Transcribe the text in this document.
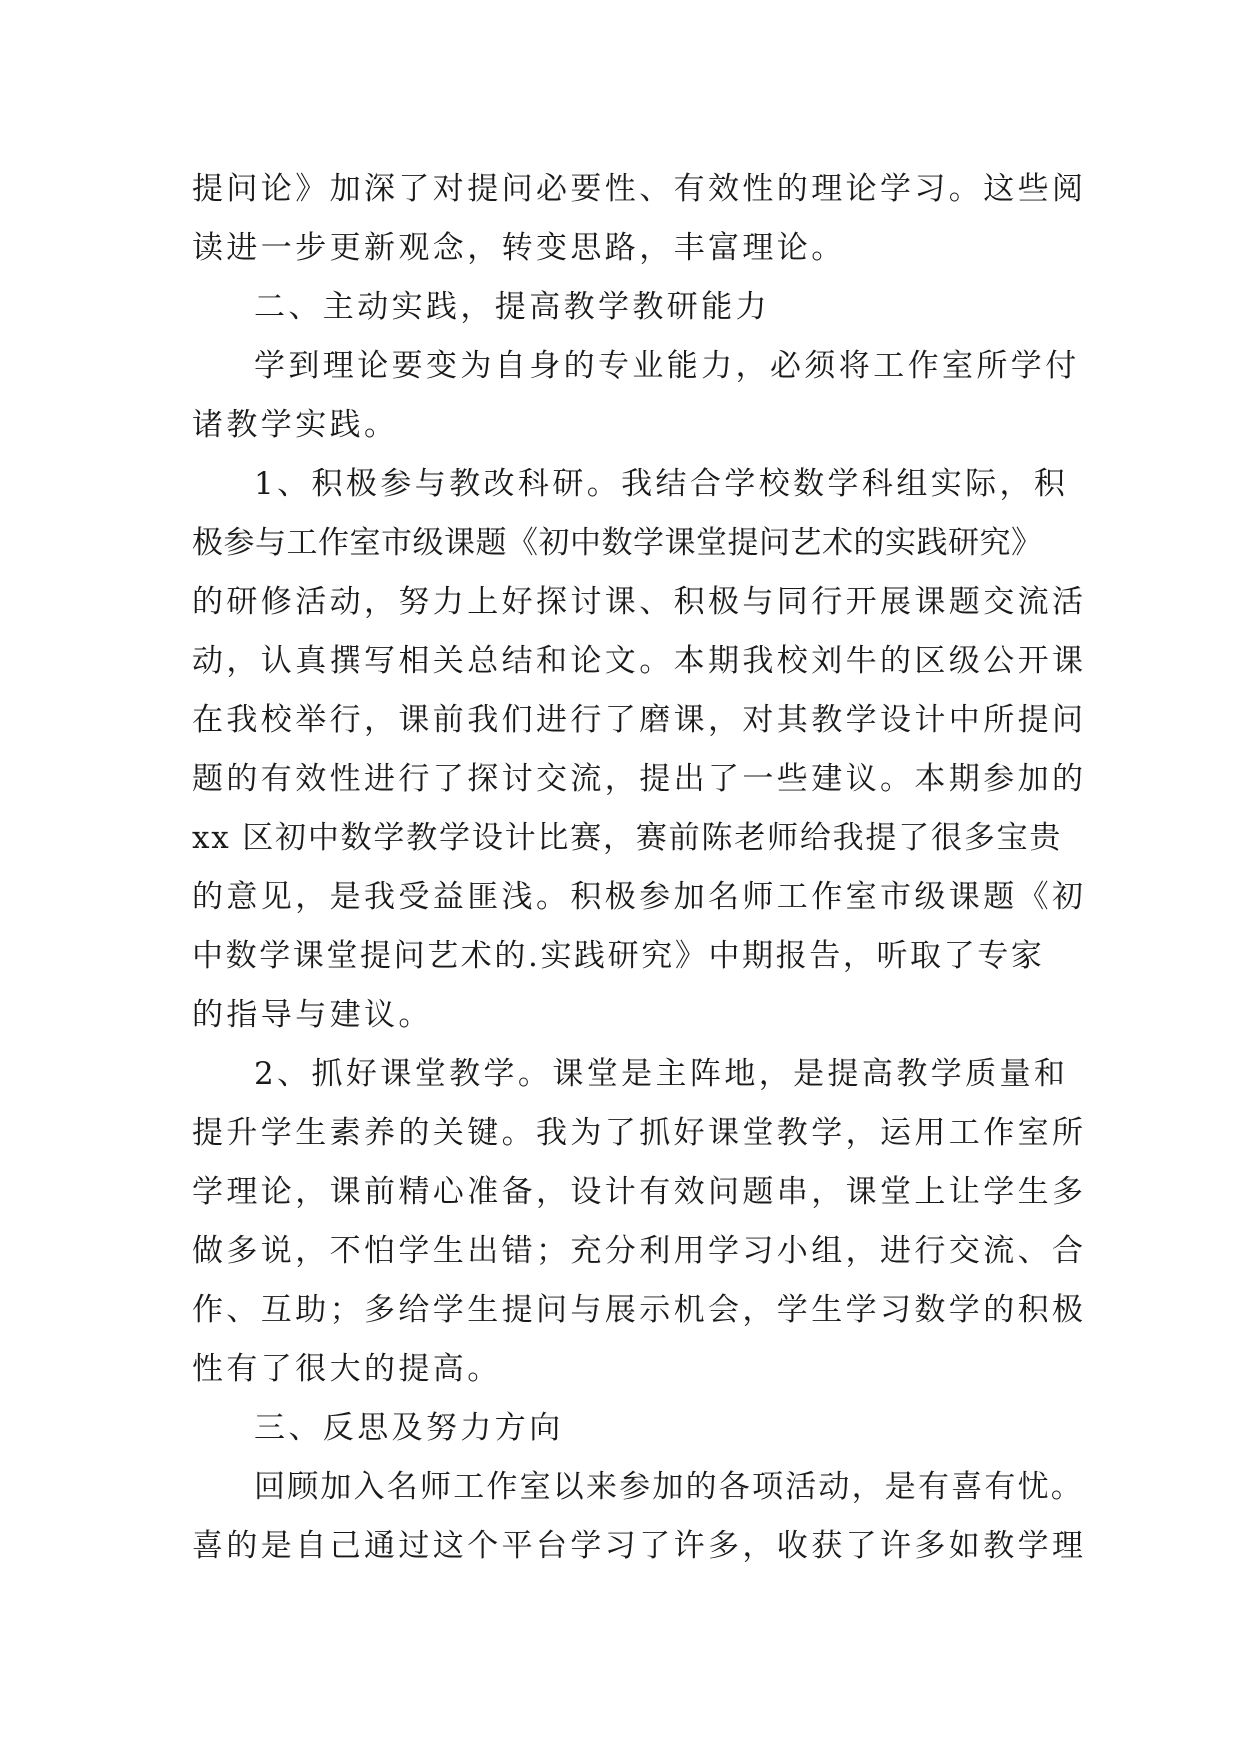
提问论》加深了对提问必要性、有效性的理论学习。这些阅
读进一步更新观念，转变思路，丰富理论。
二、主动实践，提高教学教研能力
学到理论要变为自身的专业能力，必须将工作室所学付
诸教学实践。
1、积极参与教改科研。我结合学校数学科组实际，积
极参与工作室市级课题《初中数学课堂提问艺术的实践研究》
的研修活动，努力上好探讨课、积极与同行开展课题交流活
动，认真撰写相关总结和论文。本期我校刘牛的区级公开课
在我校举行，课前我们进行了磨课，对其教学设计中所提问
题的有效性进行了探讨交流，提出了一些建议。本期参加的
xx 区初中数学教学设计比赛，赛前陈老师给我提了很多宝贵
的意见，是我受益匪浅。积极参加名师工作室市级课题《初
中数学课堂提问艺术的.实践研究》中期报告，听取了专家
的指导与建议。
2、抓好课堂教学。课堂是主阵地，是提高教学质量和
提升学生素养的关键。我为了抓好课堂教学，运用工作室所
学理论，课前精心准备，设计有效问题串，课堂上让学生多
做多说，不怕学生出错；充分利用学习小组，进行交流、合
作、互助；多给学生提问与展示机会，学生学习数学的积极
性有了很大的提高。
三、反思及努力方向
回顾加入名师工作室以来参加的各项活动，是有喜有忧。
喜的是自己通过这个平台学习了许多，收获了许多如教学理
